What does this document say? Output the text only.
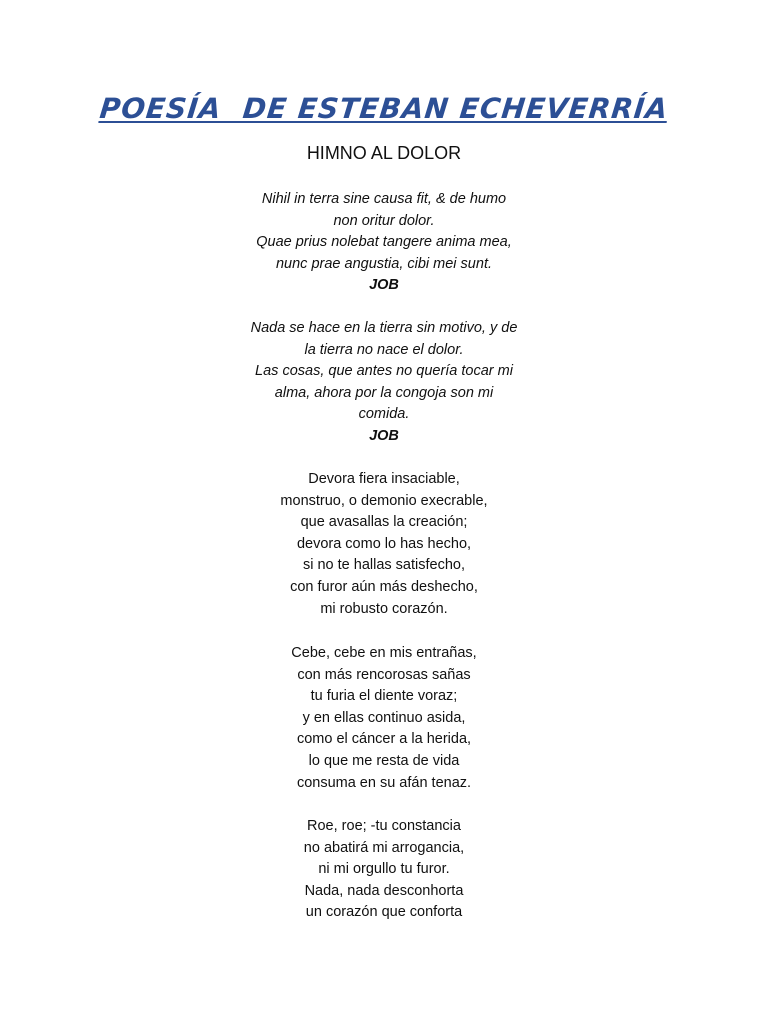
POESÍA  DE ESTEBAN ECHEVERRÍA
HIMNO AL DOLOR
Nihil in terra sine causa fit, & de humo
non oritur dolor.
Quae prius nolebat tangere anima mea,
nunc prae angustia, cibi mei sunt.
JOB
Nada se hace en la tierra sin motivo, y de
la tierra no nace el dolor.
Las cosas, que antes no quería tocar mi
alma, ahora por la congoja son mi
comida.
JOB
Devora fiera insaciable,
monstruo, o demonio execrable,
que avasallas la creación;
devora como lo has hecho,
si no te hallas satisfecho,
con furor aún más deshecho,
mi robusto corazón.
Cebe, cebe en mis entrañas,
con más rencorosas sañas
tu furia el diente voraz;
y en ellas continuo asida,
como el cáncer a la herida,
lo que me resta de vida
consuma en su afán tenaz.
Roe, roe; -tu constancia
no abatirá mi arrogancia,
ni mi orgullo tu furor.
Nada, nada desconhorta
un corazón que conforta
